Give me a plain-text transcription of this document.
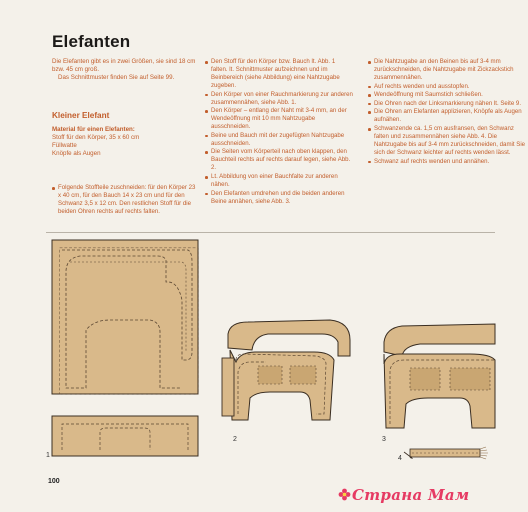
Elefanten
Die Elefanten gibt es in zwei Größen, sie sind 18 cm bzw. 45 cm groß.
Das Schnittmuster finden Sie auf Seite 99.
Kleiner Elefant
Material für einen Elefanten:
Stoff für den Körper, 35 x 60 cm
Füllwatte
Knöpfe als Augen
Folgende Stoffteile zuschneiden: für den Körper 23 x 40 cm, für den Bauch 14 x 23 cm und für den Schwanz 3,5 x 12 cm. Den restlichen Stoff für die beiden Ohren rechts auf rechts falten.
Den Stoff für den Körper bzw. Bauch lt. Abb. 1 falten. lt. Schnittmuster aufzeichnen und im Beinbereich (siehe Abbildung) eine Nahtzugabe zugeben.
Den Körper von einer Rauchmarkierung zur anderen zusammennähen, siehe Abb. 1.
Den Körper – entlang der Naht mit 3-4 mm, an der Wendeöffnung mit 10 mm Nahtzugabe ausschneiden.
Beine und Bauch mit der zugefügten Nahtzugabe ausschneiden.
Die Seiten vom Körperteil nach oben klappen, den Bauchteil rechts auf rechts darauf legen, siehe Abb. 2.
Lt. Abbildung von einer Bauchfalte zur anderen nähen.
Den Elefanten umdrehen und die beiden anderen Beine annähen, siehe Abb. 3.
Die Nahtzugabe an den Beinen bis auf 3-4 mm zurückschneiden, die Nahtzugabe mit Zickzackstich zusammennähen.
Auf rechts wenden und ausstopfen.
Wendeöffnung mit Saumstich schließen.
Die Ohren nach der Linksmarkierung nähen lt. Seite 9.
Die Ohren am Elefanten applizieren, Knöpfe als Augen aufnähen.
Schwanzende ca. 1,5 cm ausfransen, den Schwanz falten und zusammennähen siehe Abb. 4. Die Nahtzugabe bis auf 3-4 mm zurückschneiden, damit Sie sich der Schwanz leichter auf rechts wenden lässt.
Schwanz auf rechts wenden und annähen.
1
2	3
4
100
Страна Мам
